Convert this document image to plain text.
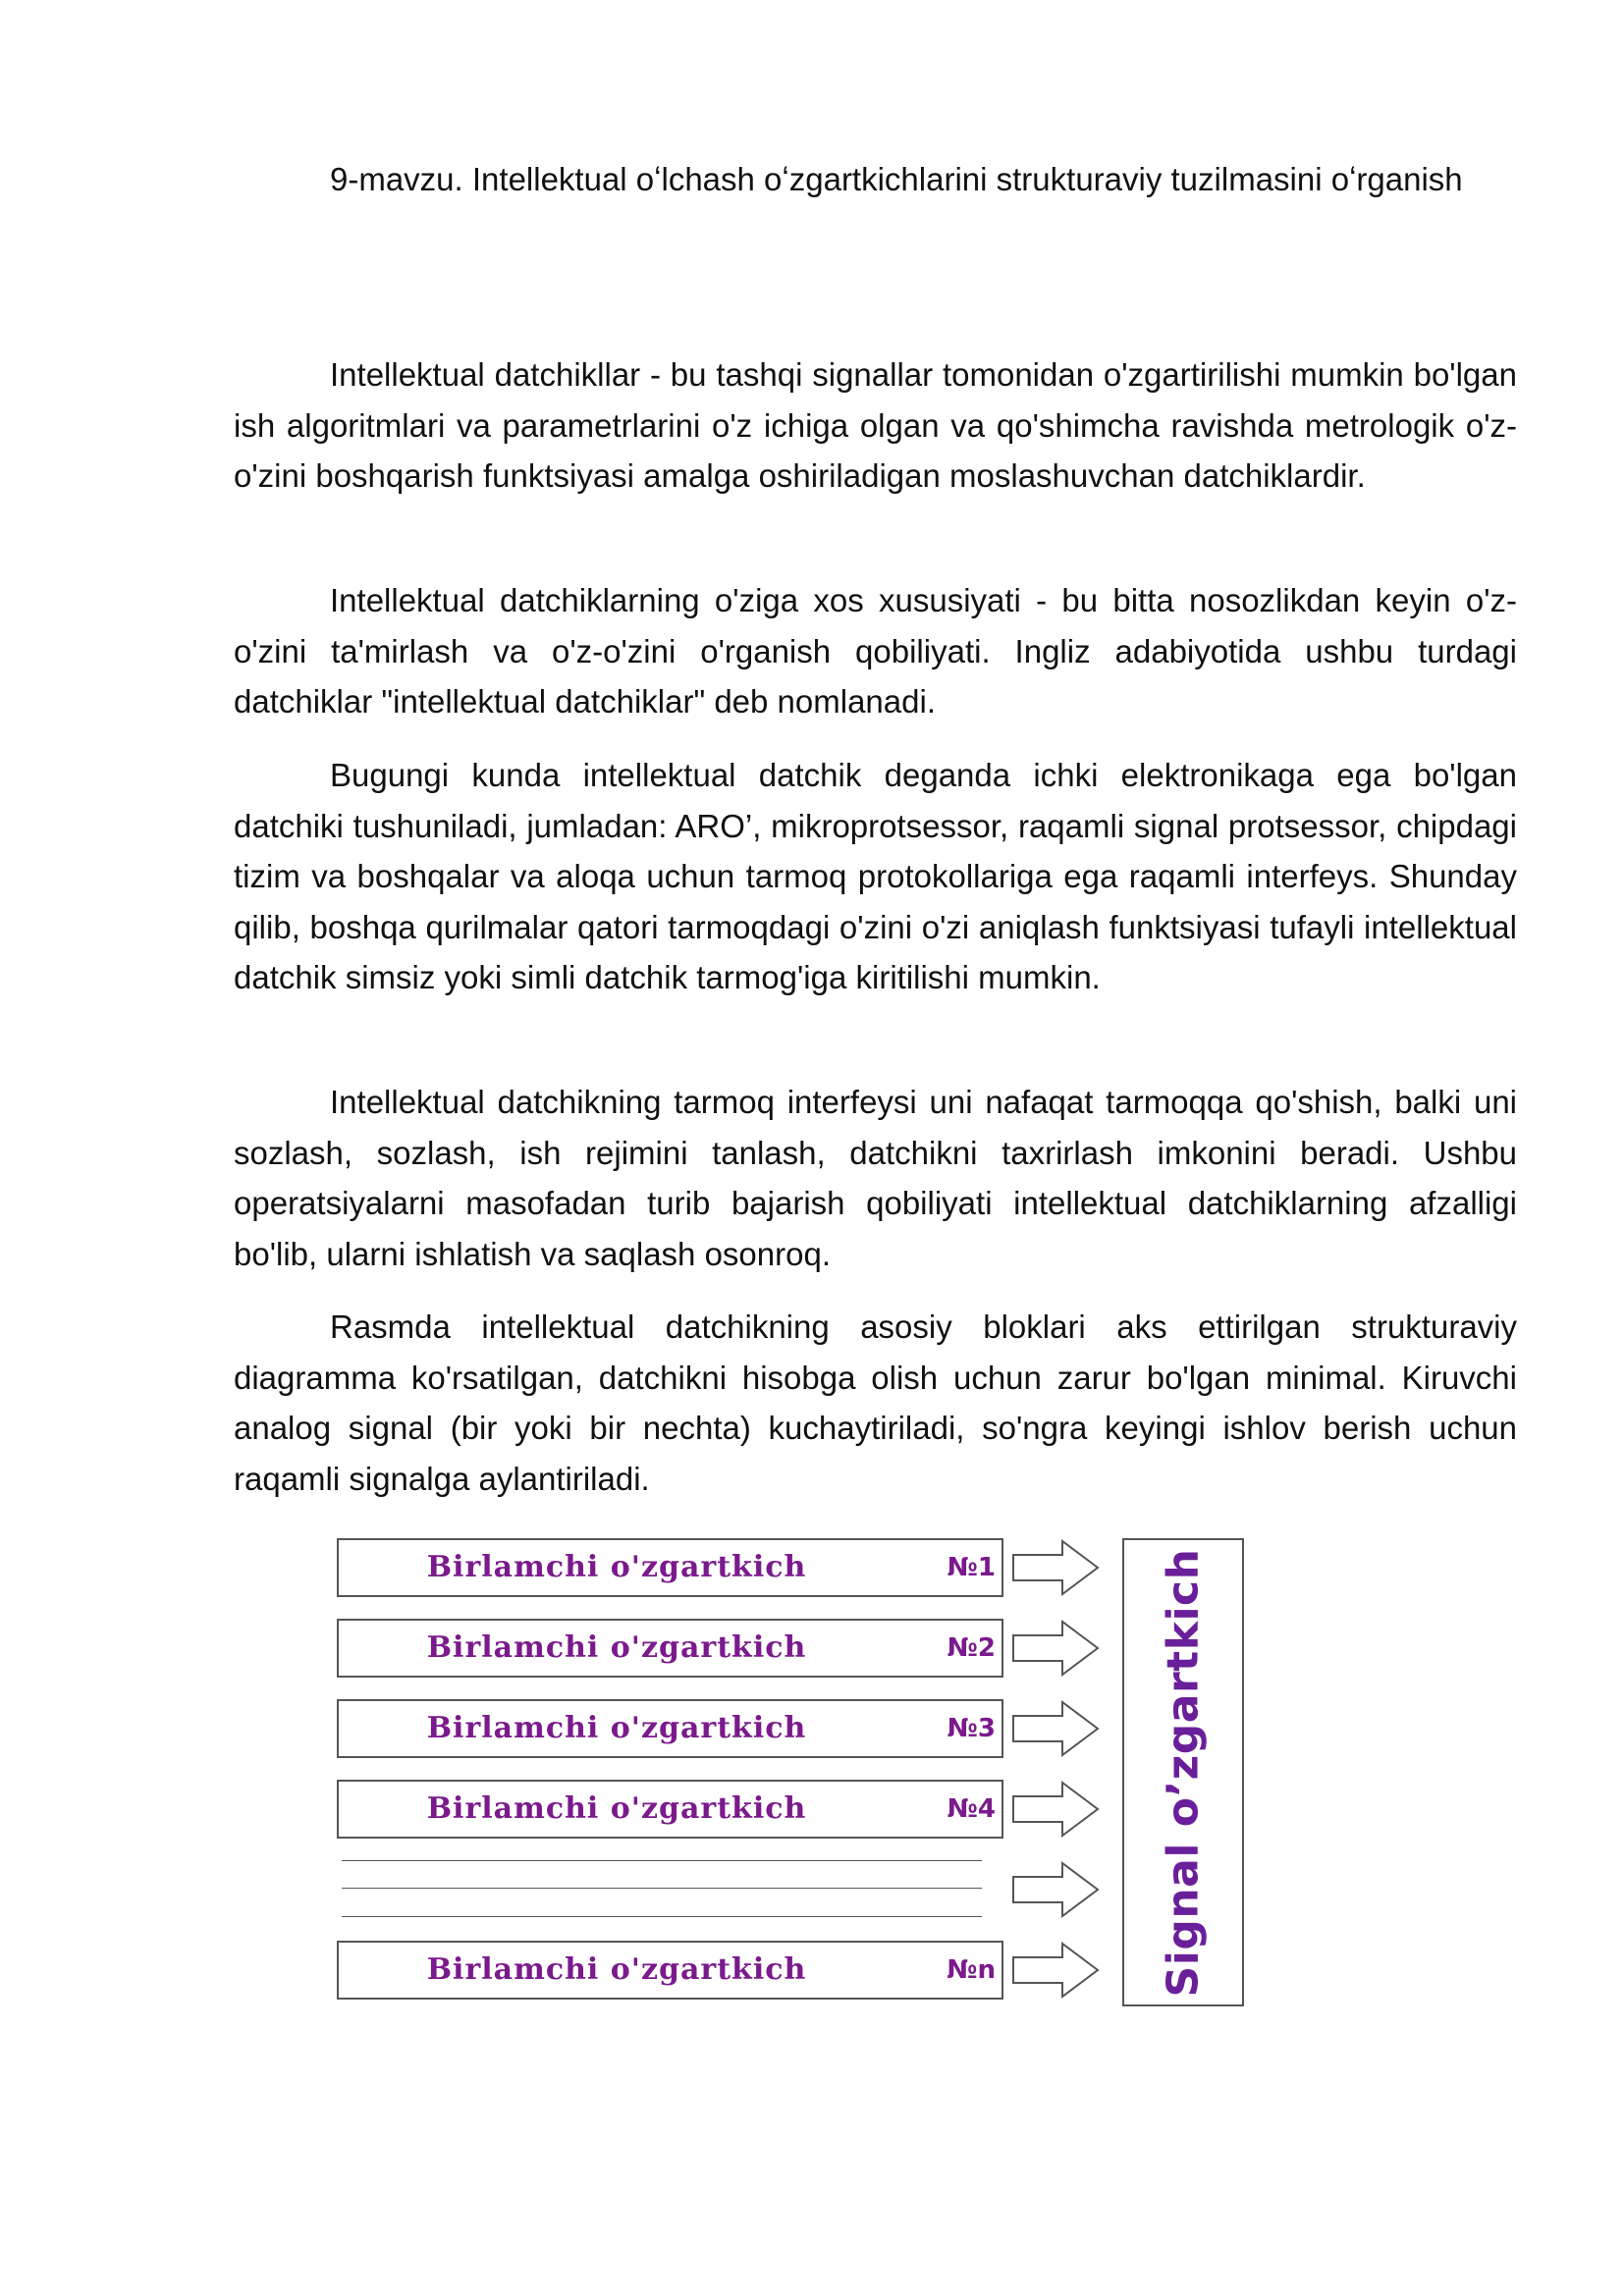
9-mavzu. Intellektual oʻlchash oʻzgartkichlarini strukturaviy tuzilmasini oʻrganish

Intellektual datchikllar - bu tashqi signallar tomonidan o'zgartirilishi mumkin bo'lgan ish algoritmlari va parametrlarini o'z ichiga olgan va qo'shimcha ravishda metrologik o'z-o'zini boshqarish funktsiyasi amalga oshiriladigan moslashuvchan datchiklardir.

Intellektual datchiklarning o'ziga xos xususiyati - bu bitta nosozlikdan keyin o'z-o'zini ta'mirlash va o'z-o'zini o'rganish qobiliyati. Ingliz adabiyotida ushbu turdagi datchiklar "intellektual datchiklar" deb nomlanadi.

Bugungi kunda intellektual datchik deganda ichki elektronikaga ega bo'lgan datchiki tushuniladi, jumladan: ARO’, mikroprotsessor, raqamli signal protsessor, chipdagi tizim va boshqalar va aloqa uchun tarmoq protokollariga ega raqamli interfeys. Shunday qilib, boshqa qurilmalar qatori tarmoqdagi o'zini o'zi aniqlash funktsiyasi tufayli intellektual datchik simsiz yoki simli datchik tarmog'iga kiritilishi mumkin.

Intellektual datchikning tarmoq interfeysi uni nafaqat tarmoqqa qo'shish, balki uni sozlash, sozlash, ish rejimini tanlash, datchikni taxrirlash imkonini beradi. Ushbu operatsiyalarni masofadan turib bajarish qobiliyati intellektual datchiklarning afzalligi bo'lib, ularni ishlatish va saqlash osonroq.

Rasmda intellektual datchikning asosiy bloklari aks ettirilgan strukturaviy diagramma ko'rsatilgan, datchikni hisobga olish uchun zarur bo'lgan minimal. Kiruvchi analog signal (bir yoki bir nechta) kuchaytiriladi, so'ngra keyingi ishlov berish uchun raqamli signalga aylantiriladi.

Birlamchi o'zgartkich	№1
Birlamchi o'zgartkich	№2
Birlamchi o'zgartkich	№3
Birlamchi o'zgartkich	№4
Birlamchi o'zgartkich	№n	Signal o’zgartkich
